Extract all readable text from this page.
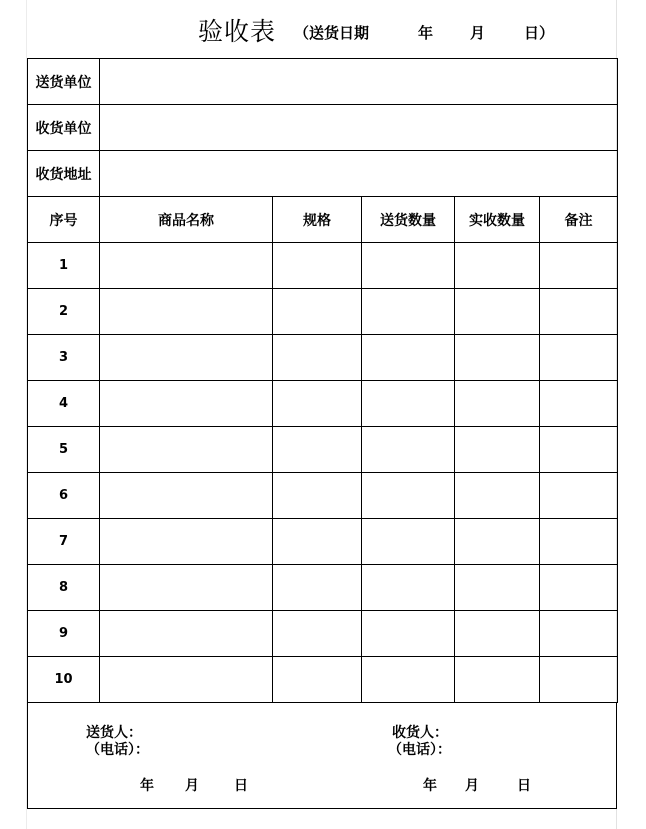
验收表 （送货日期	年 月	日）
送货单位					
收货单位					
收货地址					
序号	商品名称	规格	送货数量	实收数量	备注
1					
2					
3					
4					
5					
6					
7					
8					
9					
10					
送货人：
（电话）：
收货人：
（电话）：
年 月	日	年 月	日
